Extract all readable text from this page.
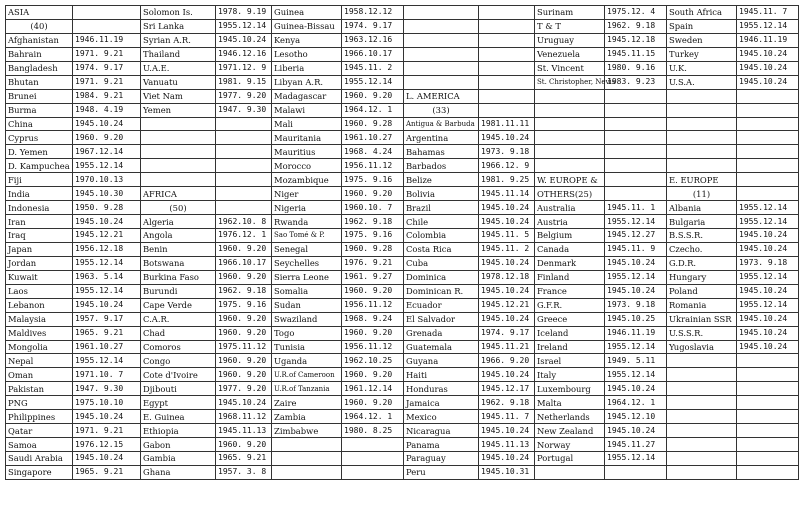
ASIA		Solomon Is.	1978. 9.19	Guinea	1958.12.12			Surinam	1975.12. 4	South Africa	1945.11. 7
(40)		Sri Lanka	1955.12.14	Guinea-Bissau	1974. 9.17			T & T	1962. 9.18	Spain	1955.12.14
Afghanistan	1946.11.19	Syrian A.R.	1945.10.24	Kenya	1963.12.16			Uruguay	1945.12.18	Sweden	1946.11.19
Bahrain	1971. 9.21	Thailand	1946.12.16	Lesotho	1966.10.17			Venezuela	1945.11.15	Turkey	1945.10.24
Bangladesh	1974. 9.17	U.A.E.	1971.12. 9	Liberia	1945.11. 2			St. Vincent	1980. 9.16	U.K.	1945.10.24
Bhutan	1971. 9.21	Vanuatu	1981. 9.15	Libyan A.R.	1955.12.14			St. Christopher, Nevis	1983. 9.23	U.S.A.	1945.10.24
Brunei	1984. 9.21	Viet Nam	1977. 9.20	Madagascar	1960. 9.20	L. AMERICA					
Burma	1948. 4.19	Yemen	1947. 9.30	Malawi	1964.12. 1	(33)					
China	1945.10.24			Mali	1960. 9.28	Antigua & Barbuda	1981.11.11				
Cyprus	1960. 9.20			Mauritania	1961.10.27	Argentina	1945.10.24				
D. Yemen	1967.12.14			Mauritius	1968. 4.24	Bahamas	1973. 9.18				
D. Kampuchea	1955.12.14			Morocco	1956.11.12	Barbados	1966.12. 9				
Fiji	1970.10.13			Mozambique	1975. 9.16	Belize	1981. 9.25	W. EUROPE &		E. EUROPE	
India	1945.10.30	AFRICA		Niger	1960. 9.20	Bolivia	1945.11.14	OTHERS(25)		(11)	
Indonesia	1950. 9.28	(50)		Nigeria	1960.10. 7	Brazil	1945.10.24	Australia	1945.11. 1	Albania	1955.12.14
Iran	1945.10.24	Algeria	1962.10. 8	Rwanda	1962. 9.18	Chile	1945.10.24	Austria	1955.12.14	Bulgaria	1955.12.14
Iraq	1945.12.21	Angola	1976.12. 1	Sao Tomé & P.	1975. 9.16	Colombia	1945.11. 5	Belgium	1945.12.27	B.S.S.R.	1945.10.24
Japan	1956.12.18	Benin	1960. 9.20	Senegal	1960. 9.28	Costa Rica	1945.11. 2	Canada	1945.11. 9	Czecho.	1945.10.24
Jordan	1955.12.14	Botswana	1966.10.17	Seychelles	1976. 9.21	Cuba	1945.10.24	Denmark	1945.10.24	G.D.R.	1973. 9.18
Kuwait	1963. 5.14	Burkina Faso	1960. 9.20	Sierra Leone	1961. 9.27	Dominica	1978.12.18	Finland	1955.12.14	Hungary	1955.12.14
Laos	1955.12.14	Burundi	1962. 9.18	Somalia	1960. 9.20	Dominican R.	1945.10.24	France	1945.10.24	Poland	1945.10.24
Lebanon	1945.10.24	Cape Verde	1975. 9.16	Sudan	1956.11.12	Ecuador	1945.12.21	G.F.R.	1973. 9.18	Romania	1955.12.14
Malaysia	1957. 9.17	C.A.R.	1960. 9.20	Swaziland	1968. 9.24	El Salvador	1945.10.24	Greece	1945.10.25	Ukrainian SSR	1945.10.24
Maldives	1965. 9.21	Chad	1960. 9.20	Togo	1960. 9.20	Grenada	1974. 9.17	Iceland	1946.11.19	U.S.S.R.	1945.10.24
Mongolia	1961.10.27	Comoros	1975.11.12	Tunisia	1956.11.12	Guatemala	1945.11.21	Ireland	1955.12.14	Yugoslavia	1945.10.24
Nepal	1955.12.14	Congo	1960. 9.20	Uganda	1962.10.25	Guyana	1966. 9.20	Israel	1949. 5.11		
Oman	1971.10. 7	Cote d'Ivoire	1960. 9.20	U.R.of Cameroon	1960. 9.20	Haiti	1945.10.24	Italy	1955.12.14		
Pakistan	1947. 9.30	Djibouti	1977. 9.20	U.R.of Tanzania	1961.12.14	Honduras	1945.12.17	Luxembourg	1945.10.24		
PNG	1975.10.10	Egypt	1945.10.24	Zaire	1960. 9.20	Jamaica	1962. 9.18	Malta	1964.12. 1		
Philippines	1945.10.24	E. Guinea	1968.11.12	Zambia	1964.12. 1	Mexico	1945.11. 7	Netherlands	1945.12.10		
Qatar	1971. 9.21	Ethiopia	1945.11.13	Zimbabwe	1980. 8.25	Nicaragua	1945.10.24	New Zealand	1945.10.24		
Samoa	1976.12.15	Gabon	1960. 9.20			Panama	1945.11.13	Norway	1945.11.27		
Saudi Arabia	1945.10.24	Gambia	1965. 9.21			Paraguay	1945.10.24	Portugal	1955.12.14		
Singapore	1965. 9.21	Ghana	1957. 3. 8			Peru	1945.10.31				
